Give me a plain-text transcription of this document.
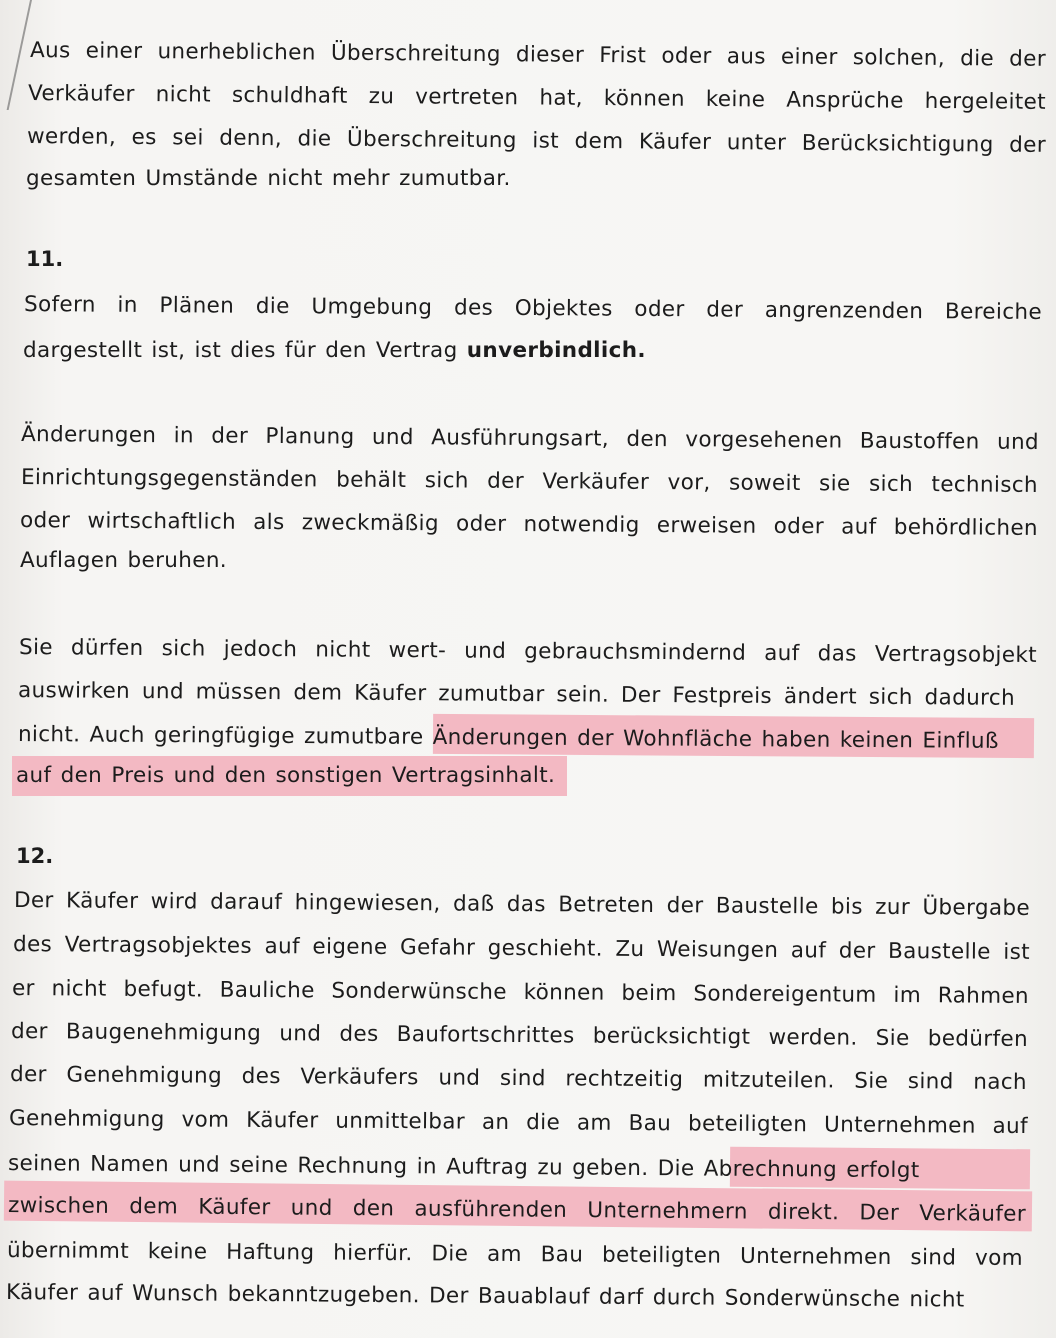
Aus einer unerheblichen Überschreitung dieser Frist oder aus einer solchen, die der
Verkäufer nicht schuldhaft zu vertreten hat, können keine Ansprüche hergeleitet
werden, es sei denn, die Überschreitung ist dem Käufer unter Berücksichtigung der
gesamten Umstände nicht mehr zumutbar.
11.
Sofern in Plänen die Umgebung des Objektes oder der angrenzenden Bereiche
dargestellt ist, ist dies für den Vertrag unverbindlich.
Änderungen in der Planung und Ausführungsart, den vorgesehenen Baustoffen und
Einrichtungsgegenständen behält sich der Verkäufer vor, soweit sie sich technisch
oder wirtschaftlich als zweckmäßig oder notwendig erweisen oder auf behördlichen
Auflagen beruhen.
Sie dürfen sich jedoch nicht wert- und gebrauchsmindernd auf das Vertragsobjekt
auswirken und müssen dem Käufer zumutbar sein. Der Festpreis ändert sich dadurch
nicht. Auch geringfügige zumutbare Änderungen der Wohnfläche haben keinen Einfluß
auf den Preis und den sonstigen Vertragsinhalt.
12.
Der Käufer wird darauf hingewiesen, daß das Betreten der Baustelle bis zur Übergabe
des Vertragsobjektes auf eigene Gefahr geschieht. Zu Weisungen auf der Baustelle ist
er nicht befugt. Bauliche Sonderwünsche können beim Sondereigentum im Rahmen
der Baugenehmigung und des Baufortschrittes berücksichtigt werden. Sie bedürfen
der Genehmigung des Verkäufers und sind rechtzeitig mitzuteilen. Sie sind nach
Genehmigung vom Käufer unmittelbar an die am Bau beteiligten Unternehmen auf
seinen Namen und seine Rechnung in Auftrag zu geben. Die Abrechnung erfolgt
zwischen dem Käufer und den ausführenden Unternehmern direkt. Der Verkäufer
übernimmt keine Haftung hierfür. Die am Bau beteiligten Unternehmen sind vom
Käufer auf Wunsch bekanntzugeben. Der Bauablauf darf durch Sonderwünsche nicht
